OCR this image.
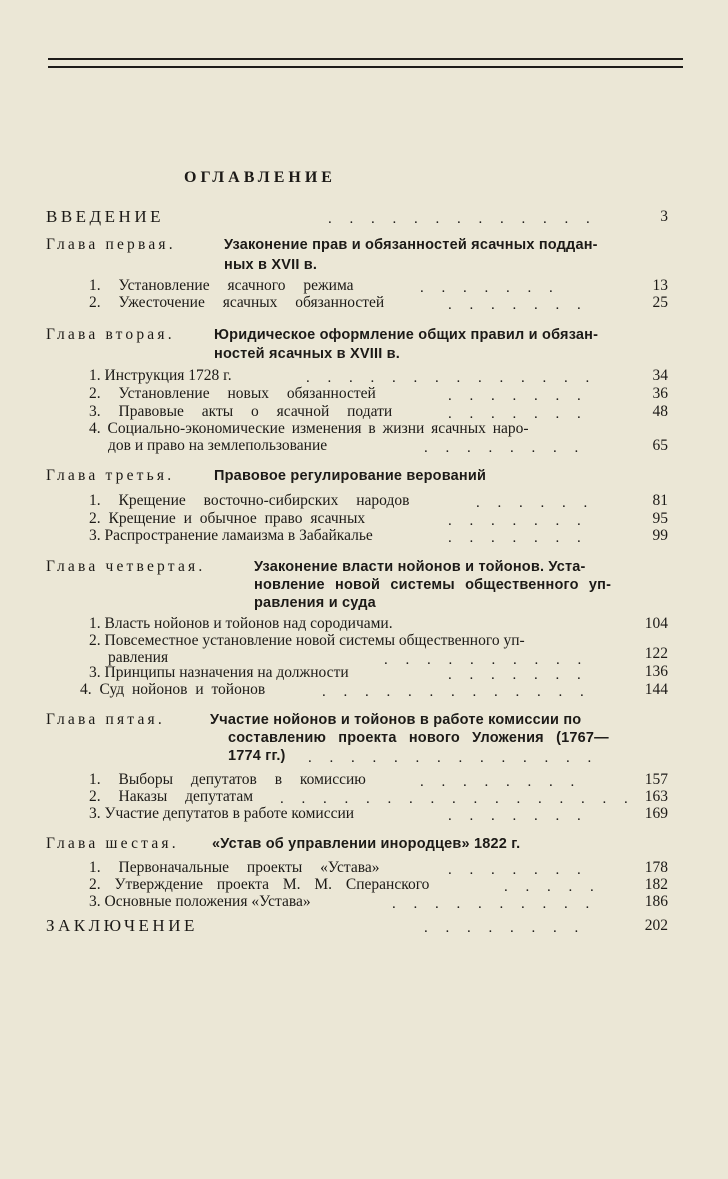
ОГЛАВЛЕНИЕ
ВВЕДЕНИЕ	. . . . . . . . . . . . .	3
Глава первая.	Узаконение прав и обязанностей ясачных поддан-
ных в XVII в.
1. Установление ясачного режима	. . . . . . .	13
2. Ужесточение ясачных обязанностей	. . . . . . .	25
Глава вторая.	Юридическое оформление общих правил и обязан-
ностей ясачных в XVIII в.
1. Инструкция 1728 г.	. . . . . . . . . . . . . .	34
2. Установление новых обязанностей	. . . . . . .	36
3. Правовые акты о ясачной подати	. . . . . . .	48
4. Социально-экономические изменения в жизни ясачных наро-
дов и право на землепользование	. . . . . . . .	65
Глава третья.	Правовое регулирование верований
1. Крещение восточно-сибирских народов	. . . . . .	81
2. Крещение и обычное право ясачных	. . . . . . .	95
3. Распространение ламаизма в Забайкалье	. . . . . . .	99
Глава четвертая.	Узаконение власти нойонов и тойонов. Уста-
новление новой системы общественного уп-
равления и суда
1. Власть нойонов и тойонов над сородичами.	104
2. Повсеместное установление новой системы общественного уп-
равления	. . . . . . . . . .	122
3. Принципы назначения на должности	. . . . . . .	136
4. Суд нойонов и тойонов	. . . . . . . . . . . . .	144
Глава пятая.	Участие нойонов и тойонов в работе комиссии по
составлению проекта нового Уложения (1767—
1774 гг.) . . . . . . . . . . . . . .
1. Выборы депутатов в комиссию	. . . . . . . .	157
2. Наказы депутатам . . . . . . . . . . . . . . . . . 163
3. Участие депутатов в работе комиссии	. . . . . . .	169
Глава шестая. «Устав об управлении инородцев» 1822 г.
1. Первоначальные проекты «Устава»	. . . . . . .	178
2. Утверждение проекта М. М. Сперанского	. . . . .	182
3. Основные положения «Устава»	. . . . . . . . . .	186
ЗАКЛЮЧЕНИЕ	. . . . . . . .	202
